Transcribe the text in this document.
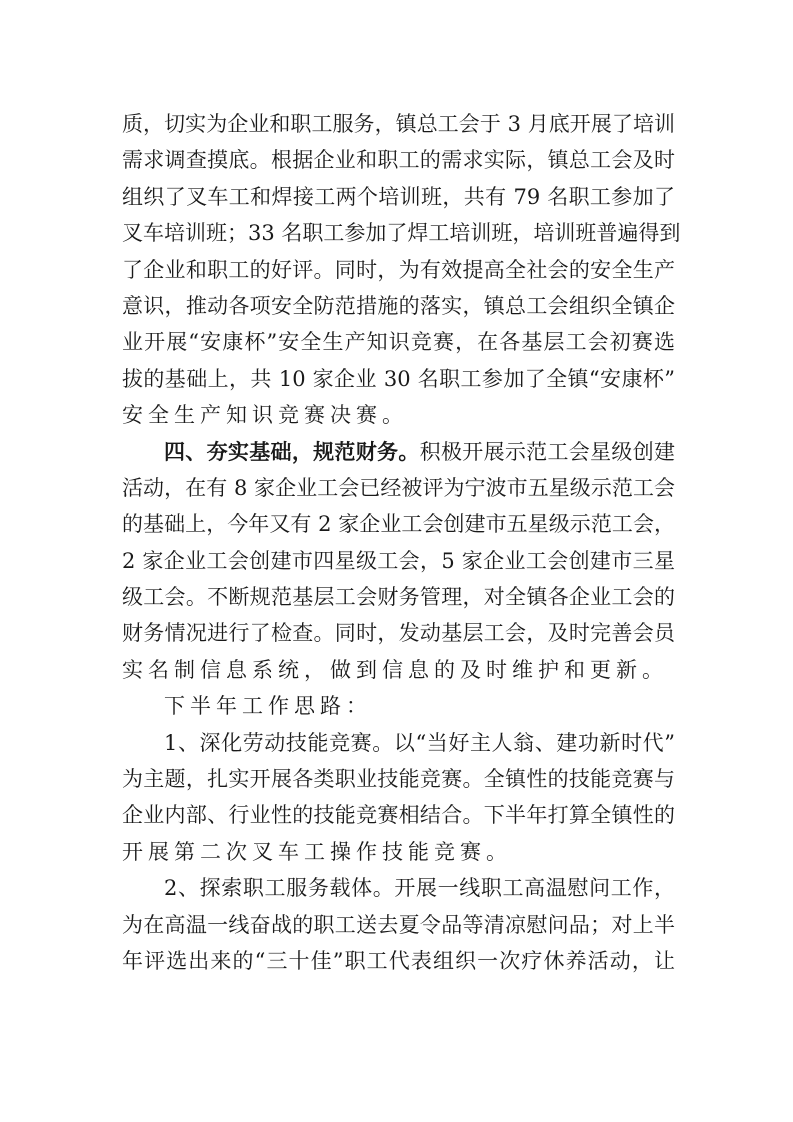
质，切实为企业和职工服务，镇总工会于 3 月底开展了培训
需求调查摸底。根据企业和职工的需求实际，镇总工会及时
组织了叉车工和焊接工两个培训班，共有 79 名职工参加了
叉车培训班；33 名职工参加了焊工培训班，培训班普遍得到
了企业和职工的好评。同时，为有效提高全社会的安全生产
意识，推动各项安全防范措施的落实，镇总工会组织全镇企
业开展“安康杯”安全生产知识竞赛，在各基层工会初赛选
拔的基础上，共 10 家企业 30 名职工参加了全镇“安康杯”
安全生产知识竞赛决赛。
四、夯实基础，规范财务。积极开展示范工会星级创建
活动，在有 8 家企业工会已经被评为宁波市五星级示范工会
的基础上，今年又有 2 家企业工会创建市五星级示范工会，
2 家企业工会创建市四星级工会，5 家企业工会创建市三星
级工会。不断规范基层工会财务管理，对全镇各企业工会的
财务情况进行了检查。同时，发动基层工会，及时完善会员
实名制信息系统，做到信息的及时维护和更新。
下半年工作思路：
1、深化劳动技能竞赛。以“当好主人翁、建功新时代”
为主题，扎实开展各类职业技能竞赛。全镇性的技能竞赛与
企业内部、行业性的技能竞赛相结合。下半年打算全镇性的
开展第二次叉车工操作技能竞赛。
2、探索职工服务载体。开展一线职工高温慰问工作，
为在高温一线奋战的职工送去夏令品等清凉慰问品；对上半
年评选出来的“三十佳”职工代表组织一次疗休养活动，让
